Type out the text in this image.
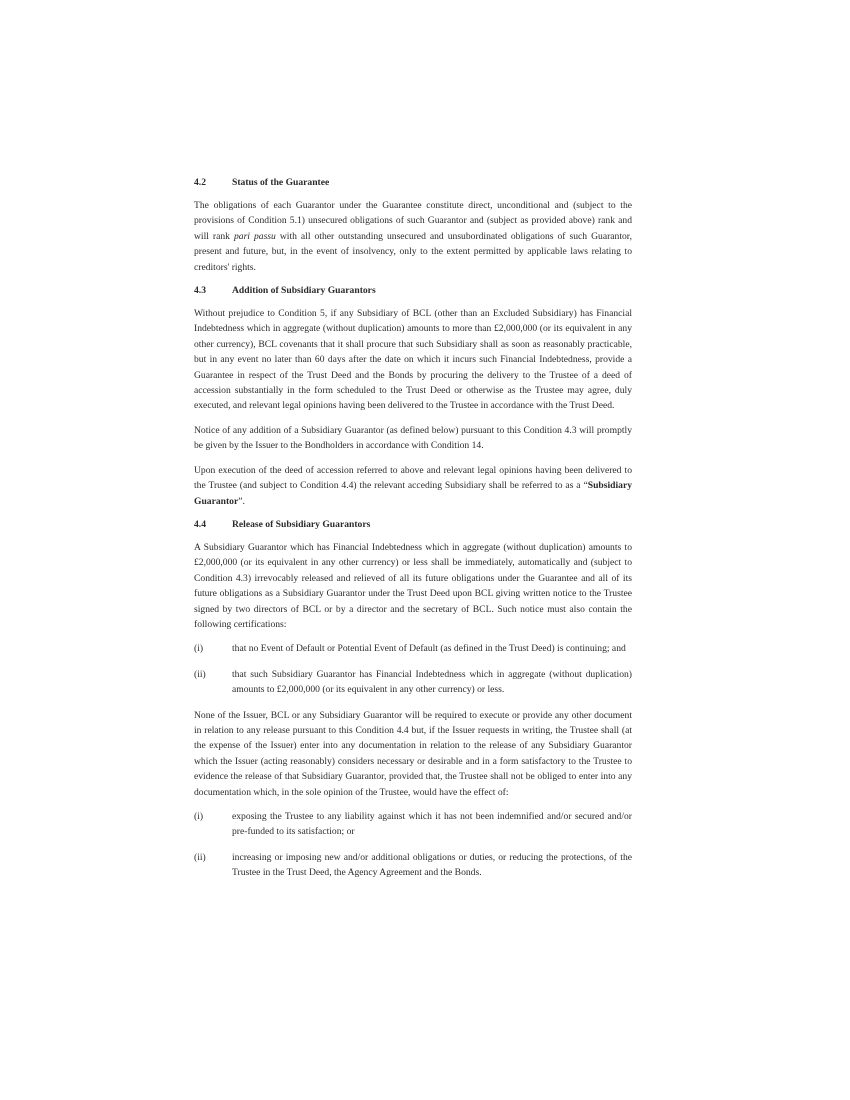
4.2	Status of the Guarantee

The obligations of each Guarantor under the Guarantee constitute direct, unconditional and (subject to the provisions of Condition 5.1) unsecured obligations of such Guarantor and (subject as provided above) rank and will rank pari passu with all other outstanding unsecured and unsubordinated obligations of such Guarantor, present and future, but, in the event of insolvency, only to the extent permitted by applicable laws relating to creditors' rights.

4.3	Addition of Subsidiary Guarantors

Without prejudice to Condition 5, if any Subsidiary of BCL (other than an Excluded Subsidiary) has Financial Indebtedness which in aggregate (without duplication) amounts to more than £2,000,000 (or its equivalent in any other currency), BCL covenants that it shall procure that such Subsidiary shall as soon as reasonably practicable, but in any event no later than 60 days after the date on which it incurs such Financial Indebtedness, provide a Guarantee in respect of the Trust Deed and the Bonds by procuring the delivery to the Trustee of a deed of accession substantially in the form scheduled to the Trust Deed or otherwise as the Trustee may agree, duly executed, and relevant legal opinions having been delivered to the Trustee in accordance with the Trust Deed.

Notice of any addition of a Subsidiary Guarantor (as defined below) pursuant to this Condition 4.3 will promptly be given by the Issuer to the Bondholders in accordance with Condition 14.

Upon execution of the deed of accession referred to above and relevant legal opinions having been delivered to the Trustee (and subject to Condition 4.4) the relevant acceding Subsidiary shall be referred to as a “Subsidiary Guarantor”.

4.4	Release of Subsidiary Guarantors

A Subsidiary Guarantor which has Financial Indebtedness which in aggregate (without duplication) amounts to £2,000,000 (or its equivalent in any other currency) or less shall be immediately, automatically and (subject to Condition 4.3) irrevocably released and relieved of all its future obligations under the Guarantee and all of its future obligations as a Subsidiary Guarantor under the Trust Deed upon BCL giving written notice to the Trustee signed by two directors of BCL or by a director and the secretary of BCL. Such notice must also contain the following certifications:

(i)	that no Event of Default or Potential Event of Default (as defined in the Trust Deed) is continuing; and

(ii)	that such Subsidiary Guarantor has Financial Indebtedness which in aggregate (without duplication) amounts to £2,000,000 (or its equivalent in any other currency) or less.

None of the Issuer, BCL or any Subsidiary Guarantor will be required to execute or provide any other document in relation to any release pursuant to this Condition 4.4 but, if the Issuer requests in writing, the Trustee shall (at the expense of the Issuer) enter into any documentation in relation to the release of any Subsidiary Guarantor which the Issuer (acting reasonably) considers necessary or desirable and in a form satisfactory to the Trustee to evidence the release of that Subsidiary Guarantor, provided that, the Trustee shall not be obliged to enter into any documentation which, in the sole opinion of the Trustee, would have the effect of:

(i)	exposing the Trustee to any liability against which it has not been indemnified and/or secured and/or pre-funded to its satisfaction; or

(ii)	increasing or imposing new and/or additional obligations or duties, or reducing the protections, of the Trustee in the Trust Deed, the Agency Agreement and the Bonds.
